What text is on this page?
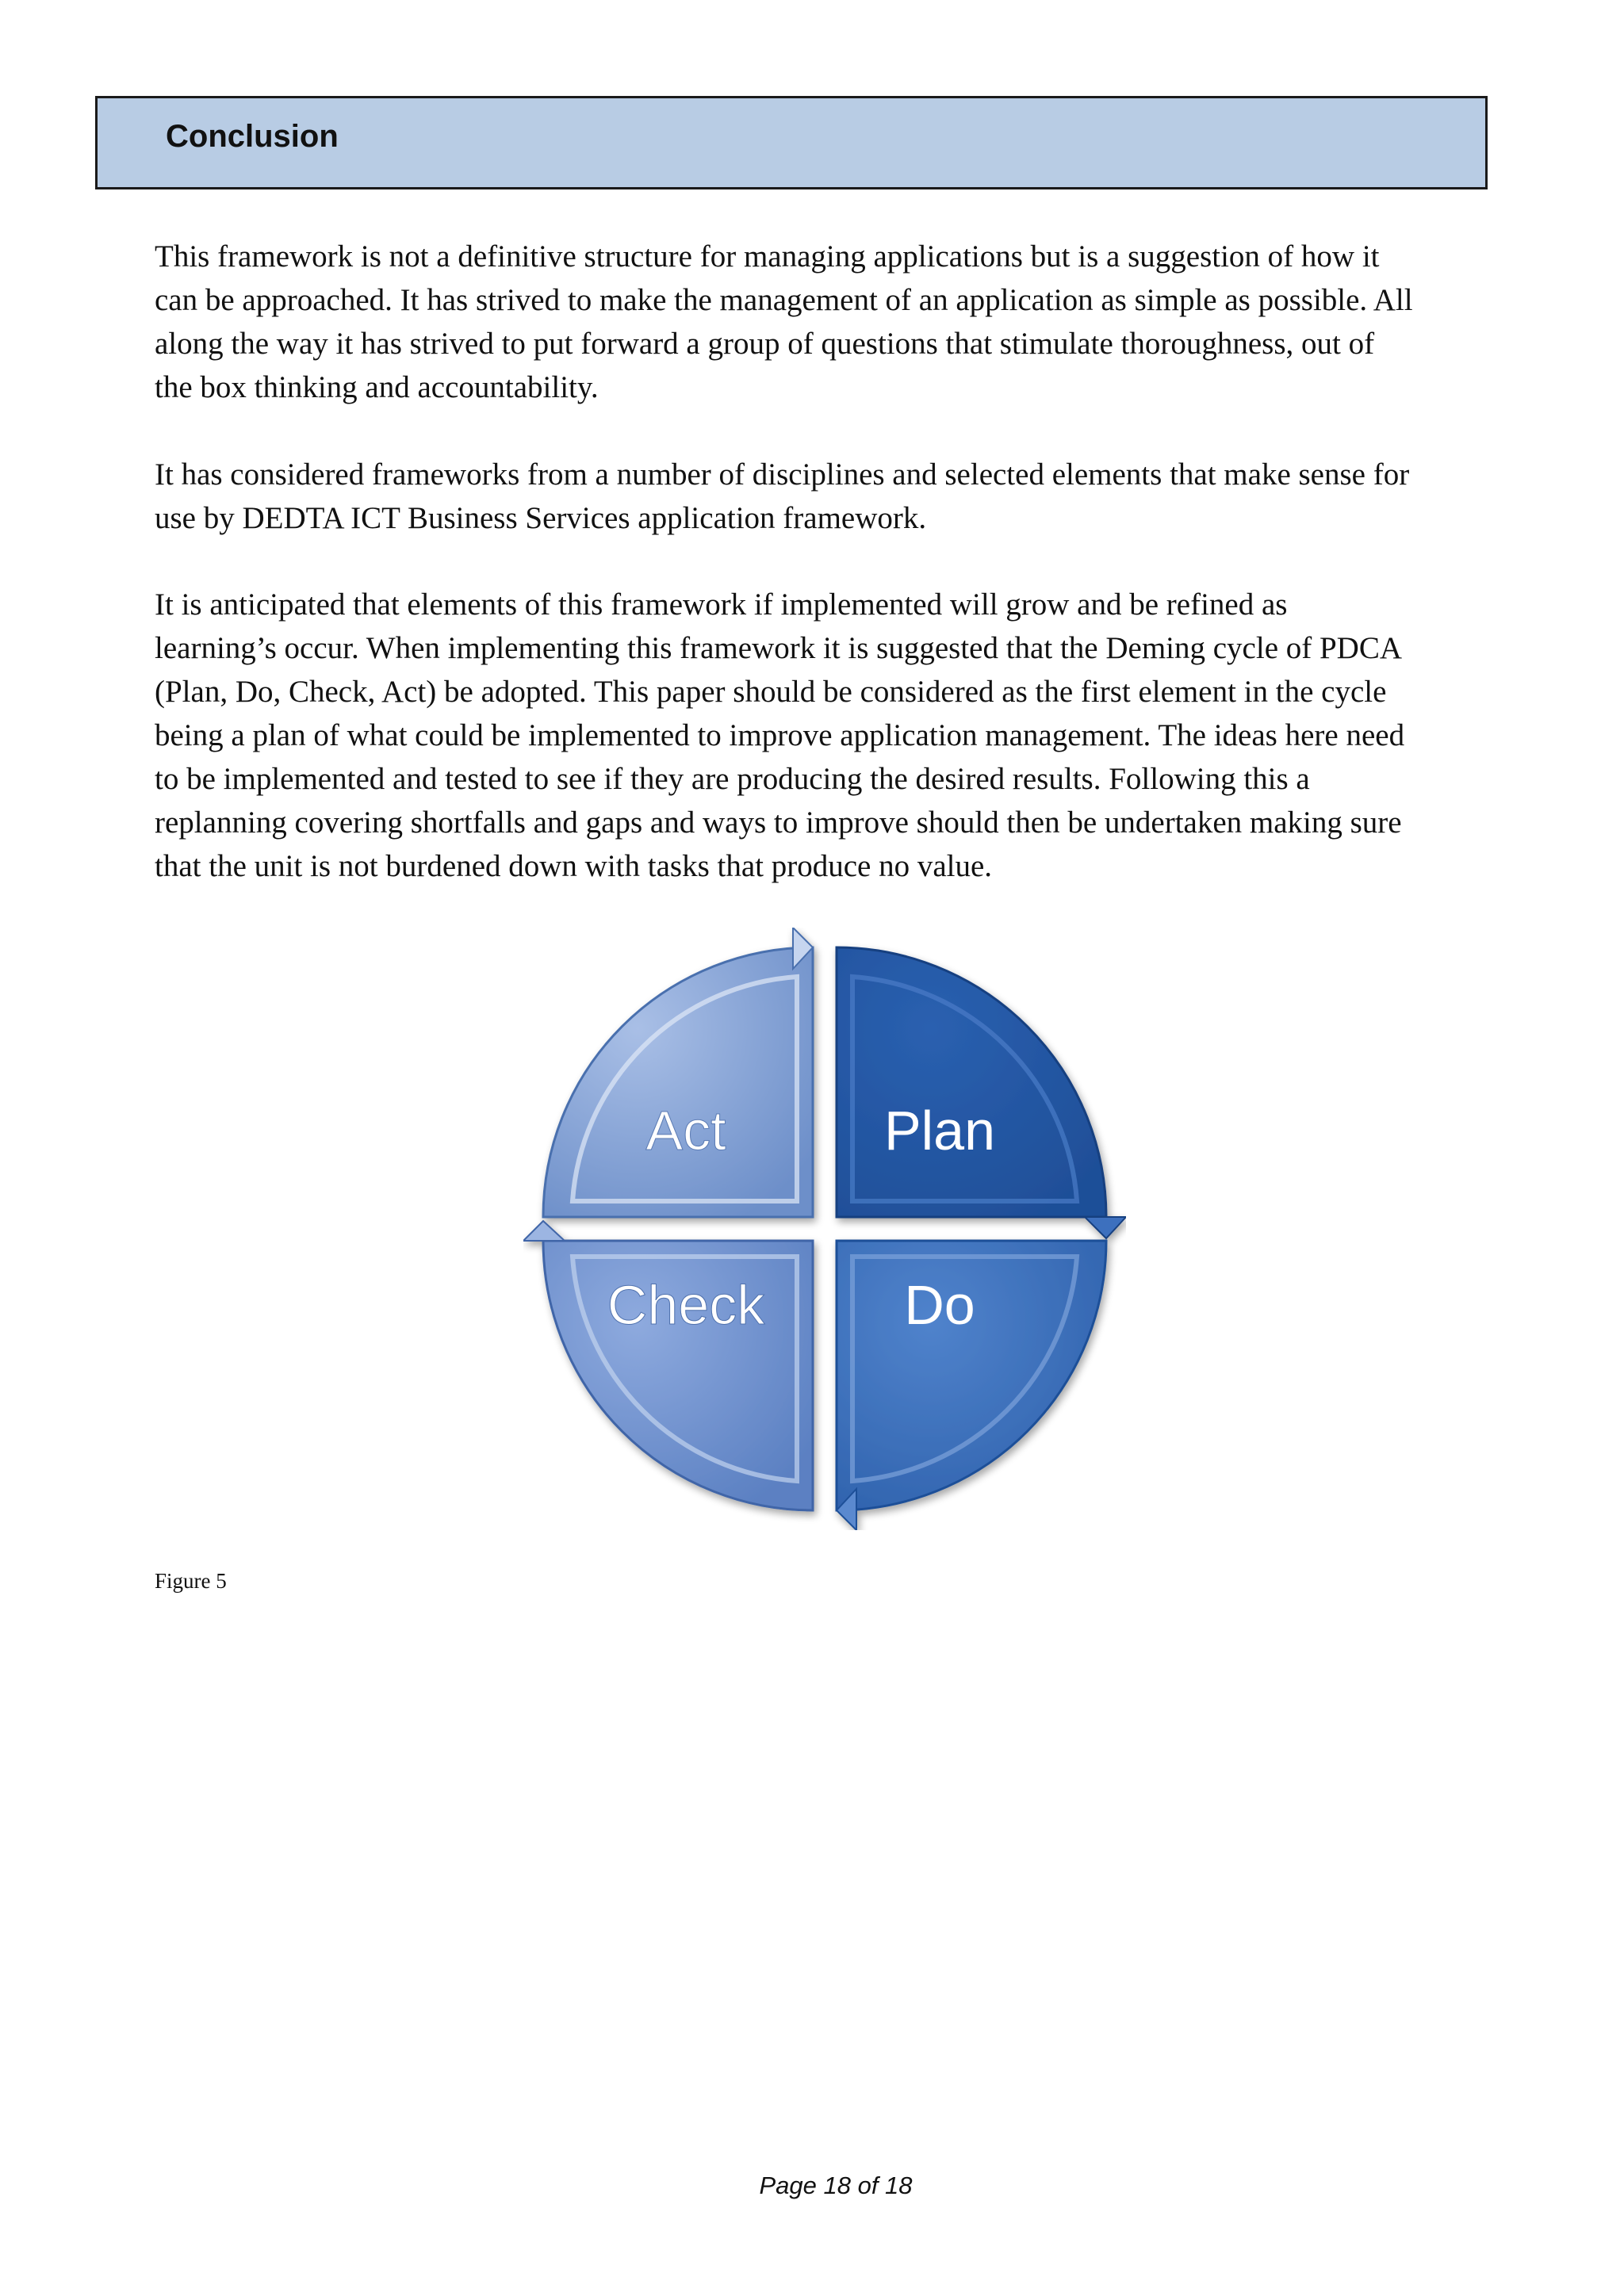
Conclusion

This framework is not a definitive structure for managing applications but is a suggestion of how it
can be approached. It has strived to make the management of an application as simple as possible. All
along the way it has strived to put forward a group of questions that stimulate thoroughness, out of
the box thinking and accountability.

It has considered frameworks from a number of disciplines and selected elements that make sense for
use by DEDTA ICT Business Services application framework.

It is anticipated that elements of this framework if implemented will grow and be refined as
learning’s occur. When implementing this framework it is suggested that the Deming cycle of PDCA
(Plan, Do, Check, Act) be adopted. This paper should be considered as the first element in the cycle
being a plan of what could be implemented to improve application management. The ideas here need
to be implemented and tested to see if they are producing the desired results. Following this a
replanning covering shortfalls and gaps and ways to improve should then be undertaken making sure
that the unit is not burdened down with tasks that produce no value.

Act	Plan
Do
Check
Figure 5
Page 18 of 18
